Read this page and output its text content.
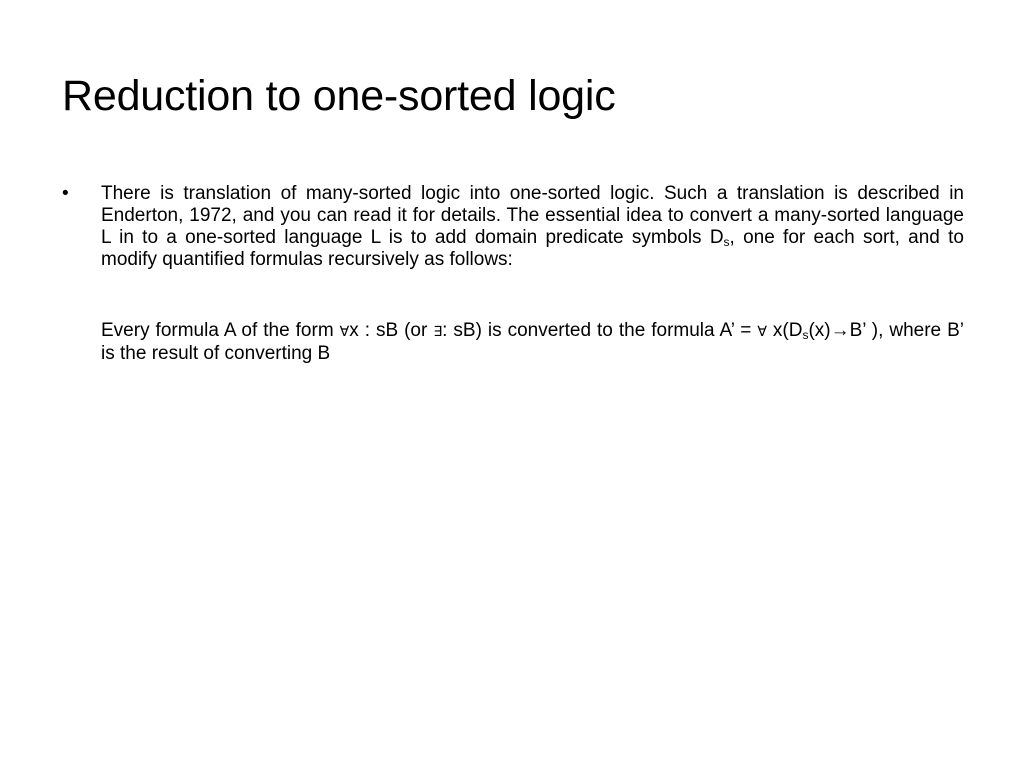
Reduction to one-sorted logic
• There is translation of many-sorted logic into one-sorted logic. Such a translation is described in Enderton, 1972, and you can read it for details. The essential idea to convert a many-sorted language L in to a one-sorted language L is to add domain predicate symbols $D_s$, one for each sort, and to modify quantified formulas recursively as follows:

Every formula A of the form ∀x : sB (or ∃: sB) is converted to the formula A’ = ∀ $x(D_s(x)\to B$’ ), where B’ is the result of converting B
